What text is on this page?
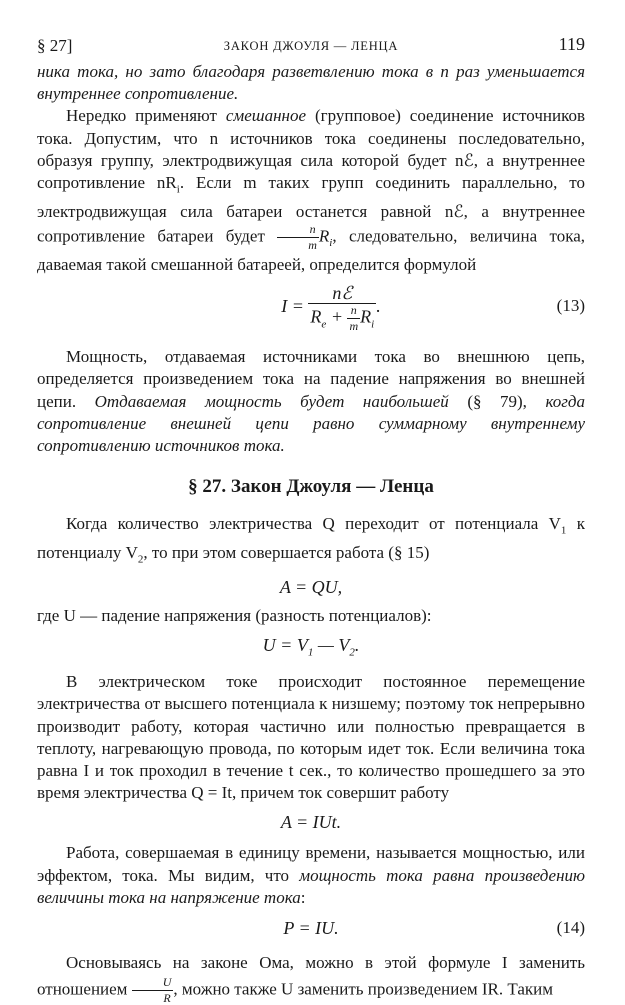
§ 27]	ЗАКОН ДЖОУЛЯ — ЛЕНЦА	119

ника тока, но зато благодаря разветвлению тока в n раз уменьшается внутреннее сопротивление.

Нередко применяют смешанное (групповое) соединение источников тока. Допустим, что n источников тока соединены последовательно, образуя группу, электродвижущая сила которой будет nℰ, а внутреннее сопротивление $nR_i$. Если m таких групп соединить параллельно, то электродвижущая сила батареи останется равной nℰ, а внутреннее сопротивление батареи будет $\frac{n}{m} R_i$, следовательно, величина тока, даваемая такой смешанной батареей, определится формулой

$I = \frac{\text{nℰ}}{R_e + \frac{n}{m} R_i}$ .	(13)

Мощность, отдаваемая источниками тока во внешнюю цепь, определяется произведением тока на падение напряжения во внешней цепи. Отдаваемая мощность будет наибольшей (§ 79), когда сопротивление внешней цепи равно суммарному внутреннему сопротивлению источников тока.

§ 27. Закон Джоуля — Ленца

Когда количество электричества Q переходит от потенциала $V_1$ к потенциалу $V_2$, то при этом совершается работа (§ 15)

A = QU,

где U — падение напряжения (разность потенциалов):

$U = V_1$ — $V_2$.

В электрическом токе происходит постоянное перемещение электричества от высшего потенциала к низшему; поэтому ток непрерывно производит работу, которая частично или полностью превращается в теплоту, нагревающую провода, по которым идет ток. Если величина тока равна I и ток проходил в течение t сек., то количество прошедшего за это время электричества Q = It, причем ток совершит работу

A = IUt.

Работа, совершаемая в единицу времени, называется мощностью, или эффектом, тока. Мы видим, что мощность тока равна произведению величины тока на напряжение тока:

P = IU.	(14)

Основываясь на законе Ома, можно в этой формуле I заменить отношением $\frac{U}{R}$ , можно также U заменить произведением IR. Таким
